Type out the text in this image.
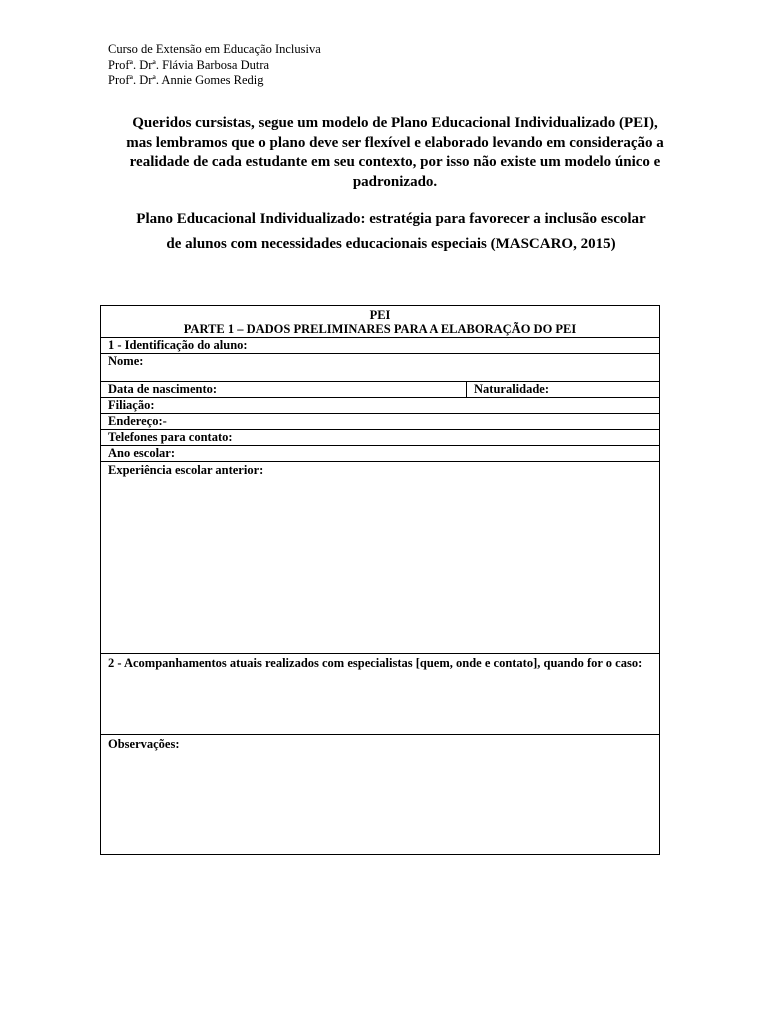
Curso de Extensão em Educação Inclusiva
Profª. Drª. Flávia Barbosa Dutra
Profª. Drª. Annie Gomes Redig
Queridos cursistas, segue um modelo de Plano Educacional Individualizado (PEI),
mas lembramos que o plano deve ser flexível e elaborado levando em consideração a
realidade de cada estudante em seu contexto, por isso não existe um modelo único e
padronizado.
Plano Educacional Individualizado: estratégia para favorecer a inclusão escolar
de alunos com necessidades educacionais especiais (MASCARO, 2015)
PEI
PARTE 1 – DADOS PRELIMINARES PARA A ELABORAÇÃO DO PEI
1 - Identificação do aluno:
Nome:
Data de nascimento:	Naturalidade:
Filiação:
Endereço:-
Telefones para contato:
Ano escolar:
Experiência escolar anterior:
2 - Acompanhamentos atuais realizados com especialistas [quem, onde e contato], quando for o caso:
Observações:
